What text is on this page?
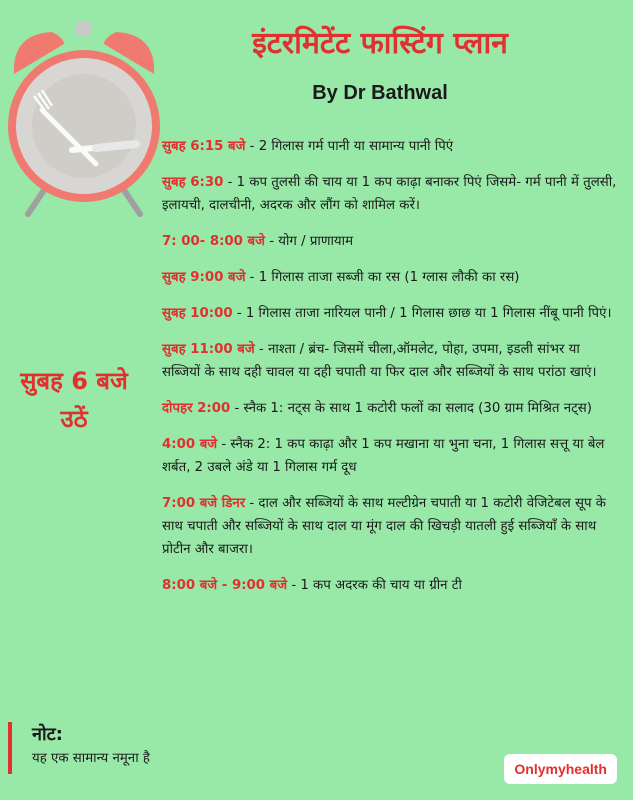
इंटरमिटेंट फास्टिंग प्लान
By Dr Bathwal
सुबह 6 बजे उठें
सुबह 6:15 बजे - 2 गिलास गर्म पानी या सामान्य पानी पिएं
सुबह 6:30 - 1 कप तुलसी की चाय या 1 कप काढ़ा बनाकर पिएं जिसमे- गर्म पानी में तुलसी, इलायची, दालचीनी, अदरक और लौंग को शामिल करें।
7: 00- 8:00 बजे - योग / प्राणायाम
सुबह 9:00 बजे - 1 गिलास ताजा सब्जी का रस (1 ग्लास लौकी का रस)
सुबह 10:00 - 1 गिलास ताजा नारियल पानी / 1 गिलास छाछ या 1 गिलास नींबू पानी पिएं।
सुबह 11:00 बजे - नाश्ता / ब्रंच- जिसमें चीला,ऑमलेट, पोहा, उपमा, इडली सांभर या सब्जियों के साथ दही चावल या दही चपाती या फिर दाल और सब्जियों के साथ परांठा खाएं।
दोपहर 2:00 - स्नैक 1: नट्स के साथ 1 कटोरी फलों का सलाद (30 ग्राम मिश्रित नट्स)
4:00 बजे - स्नैक 2: 1 कप काढ़ा और 1 कप मखाना या भुना चना, 1 गिलास सत्तू या बेल शर्बत, 2 उबले अंडे या 1 गिलास गर्म दूध
7:00 बजे डिनर - दाल और सब्जियों के साथ मल्टीग्रेन चपाती या 1 कटोरी वेजिटेबल सूप के साथ चपाती और सब्जियों के साथ दाल या मूंग दाल की खिचड़ी यातली हुई सब्जियाँ के साथ प्रोटीन और बाजरा।
8:00 बजे - 9:00 बजे - 1 कप अदरक की चाय या ग्रीन टी
नोट:
यह एक सामान्य नमूना है
Onlymyhealth
